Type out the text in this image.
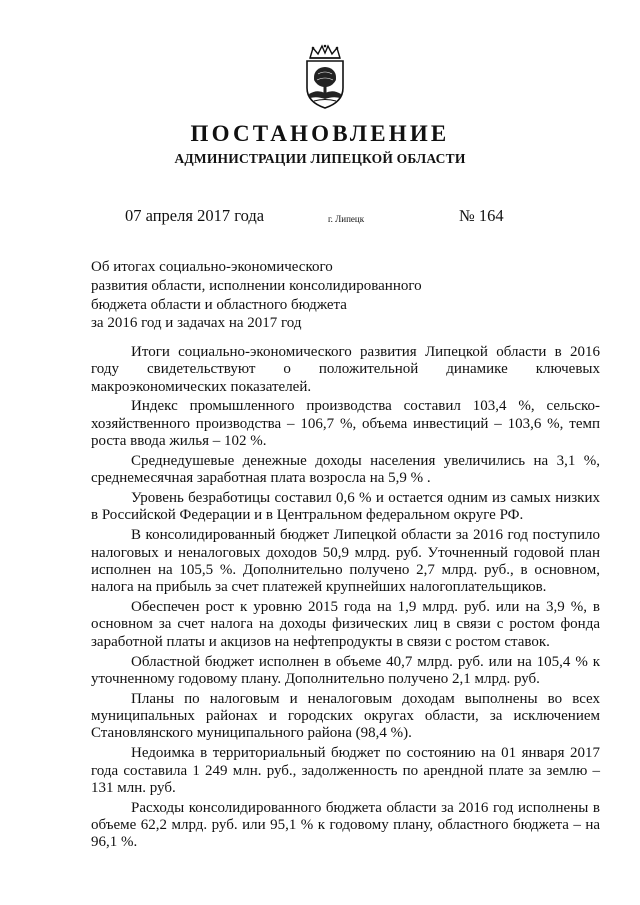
ПОСТАНОВЛЕНИЕ
АДМИНИСТРАЦИИ ЛИПЕЦКОЙ ОБЛАСТИ
07 апреля 2017 года	г. Липецк	№ 164
Об итогах социально-экономического
развития области, исполнении консолидированного
бюджета области и областного бюджета
за 2016 год и задачах на 2017 год

Итоги социально-экономического развития Липецкой области в 2016 году свидетельствуют о положительной динамике ключевых макроэкономических показателей.

Индекс промышленного производства составил 103,4 %, сельско-хозяйственного производства – 106,7 %, объема инвестиций – 103,6 %, темп роста ввода жилья – 102 %.

Среднедушевые денежные доходы населения увеличились на 3,1 %, среднемесячная заработная плата возросла на 5,9 % .

Уровень безработицы составил 0,6 % и остается одним из самых низких в Российской Федерации и в Центральном федеральном округе РФ.

В консолидированный бюджет Липецкой области за 2016 год поступило налоговых и неналоговых доходов 50,9 млрд. руб. Уточненный годовой план исполнен на 105,5 %. Дополнительно получено 2,7 млрд. руб., в основном, налога на прибыль за счет платежей крупнейших налогоплательщиков.

Обеспечен рост к уровню 2015 года на 1,9 млрд. руб. или на 3,9 %, в основном за счет налога на доходы физических лиц в связи с ростом фонда заработной платы и акцизов на нефтепродукты в связи с ростом ставок.

Областной бюджет исполнен в объеме 40,7 млрд. руб. или на 105,4 % к уточненному годовому плану. Дополнительно получено 2,1 млрд. руб.

Планы по налоговым и неналоговым доходам выполнены во всех муниципальных районах и городских округах области, за исключением Становлянского муниципального района (98,4 %).

Недоимка в территориальный бюджет по состоянию на 01 января 2017 года составила 1 249 млн. руб., задолженность по арендной плате за землю – 131 млн. руб.

Расходы консолидированного бюджета области за 2016 год исполнены в объеме 62,2 млрд. руб. или 95,1 % к годовому плану, областного бюджета – на 96,1 %.
